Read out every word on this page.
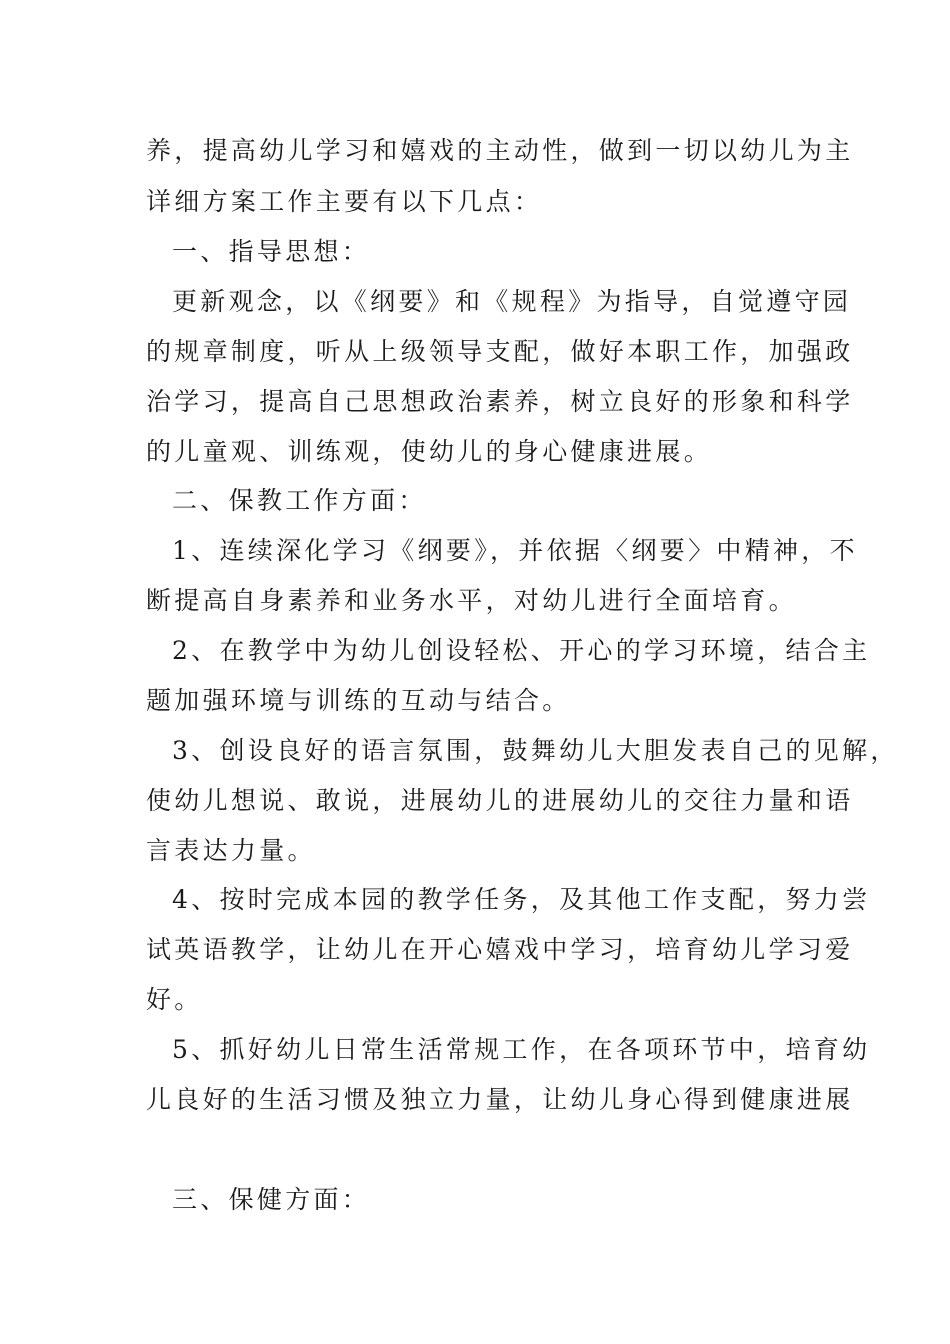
养，提高幼儿学习和嬉戏的主动性，做到一切以幼儿为主
详细方案工作主要有以下几点：
一、指导思想：
更新观念，以《纲要》和《规程》为指导，自觉遵守园
的规章制度，听从上级领导支配，做好本职工作，加强政
治学习，提高自己思想政治素养，树立良好的形象和科学
的儿童观、训练观，使幼儿的身心健康进展。
二、保教工作方面：
1、连续深化学习《纲要》，并依据〈纲要〉中精神，不
断提高自身素养和业务水平，对幼儿进行全面培育。
2、在教学中为幼儿创设轻松、开心的学习环境，结合主
题加强环境与训练的互动与结合。
3、创设良好的语言氛围，鼓舞幼儿大胆发表自己的见解，
使幼儿想说、敢说，进展幼儿的进展幼儿的交往力量和语
言表达力量。
4、按时完成本园的教学任务，及其他工作支配，努力尝
试英语教学，让幼儿在开心嬉戏中学习，培育幼儿学习爱
好。
5、抓好幼儿日常生活常规工作，在各项环节中，培育幼
儿良好的生活习惯及独立力量，让幼儿身心得到健康进展
三、保健方面：
